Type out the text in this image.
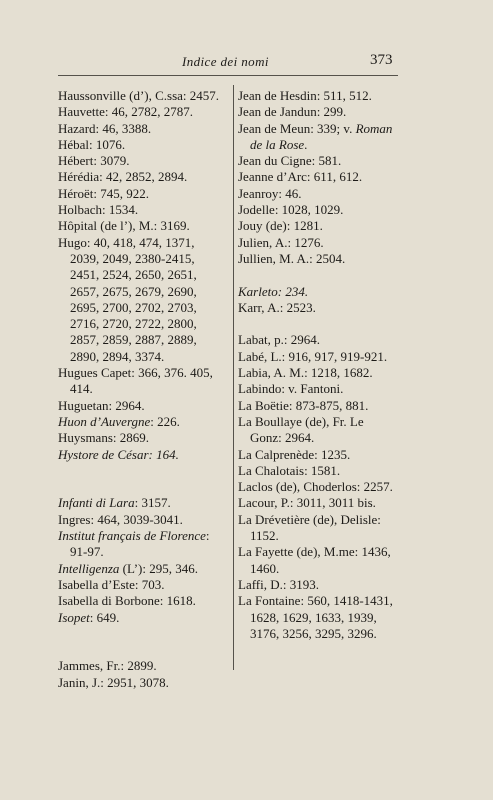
Indice dei nomi	373
Haussonville (d’), C.ssa: 2457.
Hauvette: 46, 2782, 2787.
Hazard: 46, 3388.
Hébal: 1076.
Hébert: 3079.
Hérédia: 42, 2852, 2894.
Héroët: 745, 922.
Holbach: 1534.
Hôpital (de l’), M.: 3169.
Hugo: 40, 418, 474, 1371, 2039, 2049, 2380-2415, 2451, 2524, 2650, 2651, 2657, 2675, 2679, 2690, 2695, 2700, 2702, 2703, 2716, 2720, 2722, 2800, 2857, 2859, 2887, 2889, 2890, 2894, 3374.
Hugues Capet: 366, 376. 405, 414.
Huguetan: 2964.
Huon d’Auvergne: 226.
Huysmans: 2869.
Hystore de César: 164.
Infanti di Lara: 3157.
Ingres: 464, 3039-3041.
Institut français de Florence: 91-97.
Intelligenza (L’): 295, 346.
Isabella d’Este: 703.
Isabella di Borbone: 1618.
Isopet: 649.
Jammes, Fr.: 2899.
Janin, J.: 2951, 3078.
Jean de Hesdin: 511, 512.
Jean de Jandun: 299.
Jean de Meun: 339; v. Roman de la Rose.
Jean du Cigne: 581.
Jeanne d’Arc: 611, 612.
Jeanroy: 46.
Jodelle: 1028, 1029.
Jouy (de): 1281.
Julien, A.: 1276.
Jullien, M. A.: 2504.
Karleto: 234.
Karr, A.: 2523.
Labat, p.: 2964.
Labé, L.: 916, 917, 919-921.
Labia, A. M.: 1218, 1682.
Labindo: v. Fantoni.
La Boëtie: 873-875, 881.
La Boullaye (de), Fr. Le Gonz: 2964.
La Calprenède: 1235.
La Chalotais: 1581.
Laclos (de), Choderlos: 2257.
Lacour, P.: 3011, 3011 bis.
La Drévetière (de), Delisle: 1152.
La Fayette (de), M.me: 1436, 1460.
Laffi, D.: 3193.
La Fontaine: 560, 1418-1431, 1628, 1629, 1633, 1939, 3176, 3256, 3295, 3296.
